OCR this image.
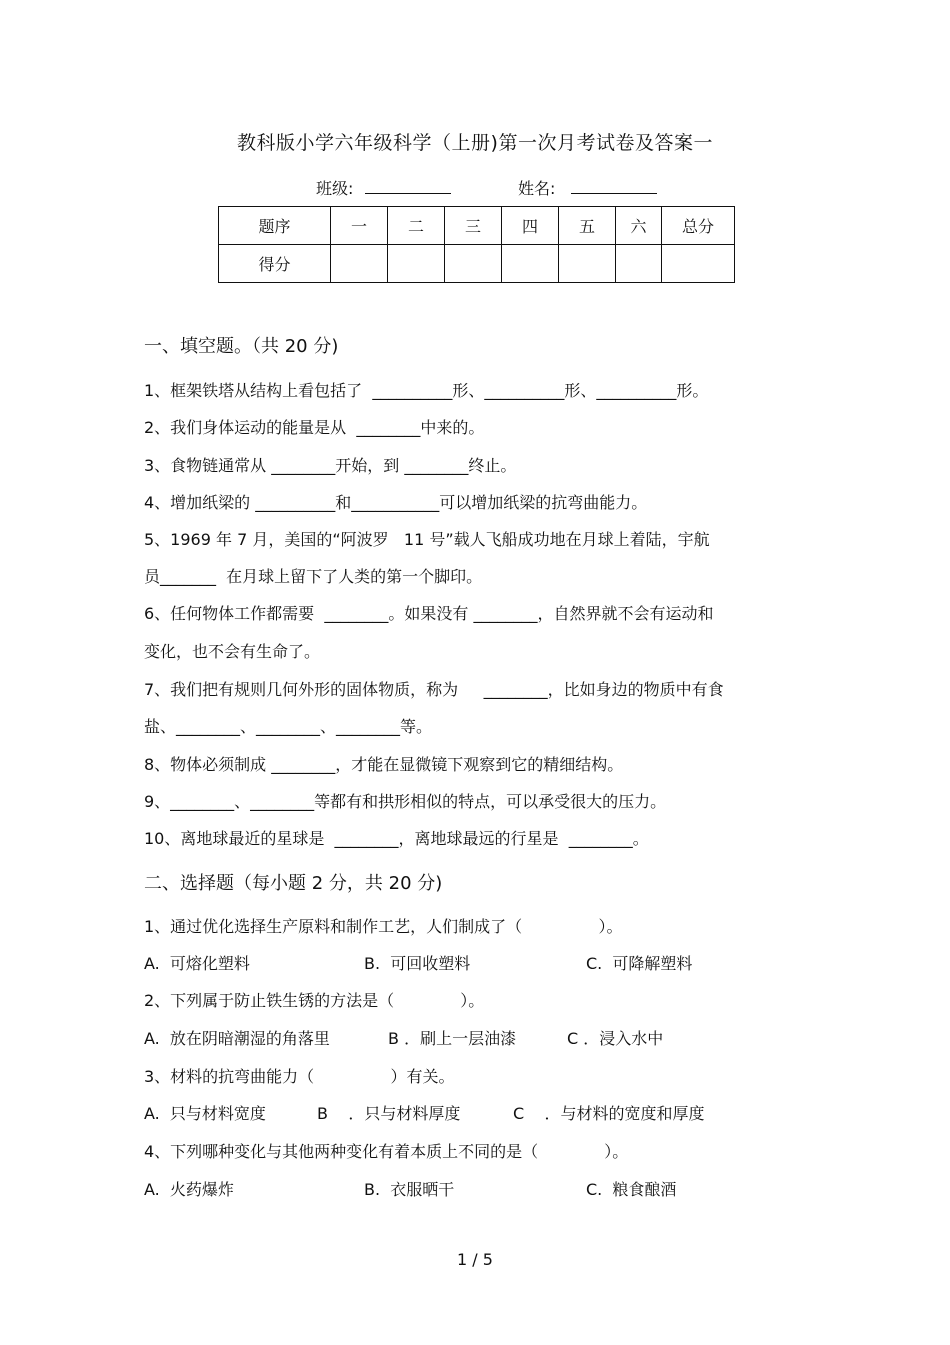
教科版小学六年级科学（上册)第一次月考试卷及答案一
班级:	姓名:
题序	一	二	三	四	五	六	总分
得分							
一、填空题。（共 20 分)
1、框架铁塔从结构上看包括了  __________形、__________形、__________形。
2、我们身体运动的能量是从  ________中来的。
3、食物链通常从 ________开始，到 ________终止。
4、增加纸梁的 __________和___________可以增加纸梁的抗弯曲能力。
5、1969 年 7 月，美国的“阿波罗   11 号”载人飞船成功地在月球上着陆，宇航
员_______  在月球上留下了人类的第一个脚印。
6、任何物体工作都需要  ________。如果没有 ________，自然界就不会有运动和
变化，也不会有生命了。
7、我们把有规则几何外形的固体物质，称为     ________，比如身边的物质中有食
盐、________、________、________等。
8、物体必须制成 ________，才能在显微镜下观察到它的精细结构。
9、________、________等都有和拱形相似的特点，可以承受很大的压力。
10、离地球最近的星球是  ________，离地球最远的行星是  ________。
二、选择题（每小题 2 分，共 20 分)
1、通过优化选择生产原料和制作工艺，人们制成了（               ）。
A.  可熔化塑料	B.  可回收塑料	C.  可降解塑料
2、下列属于防止铁生锈的方法是（             ）。
A.  放在阴暗潮湿的角落里	B ．刷上一层油漆	C ．浸入水中
3、材料的抗弯曲能力（               ）有关。
A.  只与材料宽度	B    ．只与材料厚度	C    ．与材料的宽度和厚度
4、下列哪种变化与其他两种变化有着本质上不同的是（             ）。
A.  火药爆炸	B.  衣服晒干	C.  粮食酿酒
1 / 5
